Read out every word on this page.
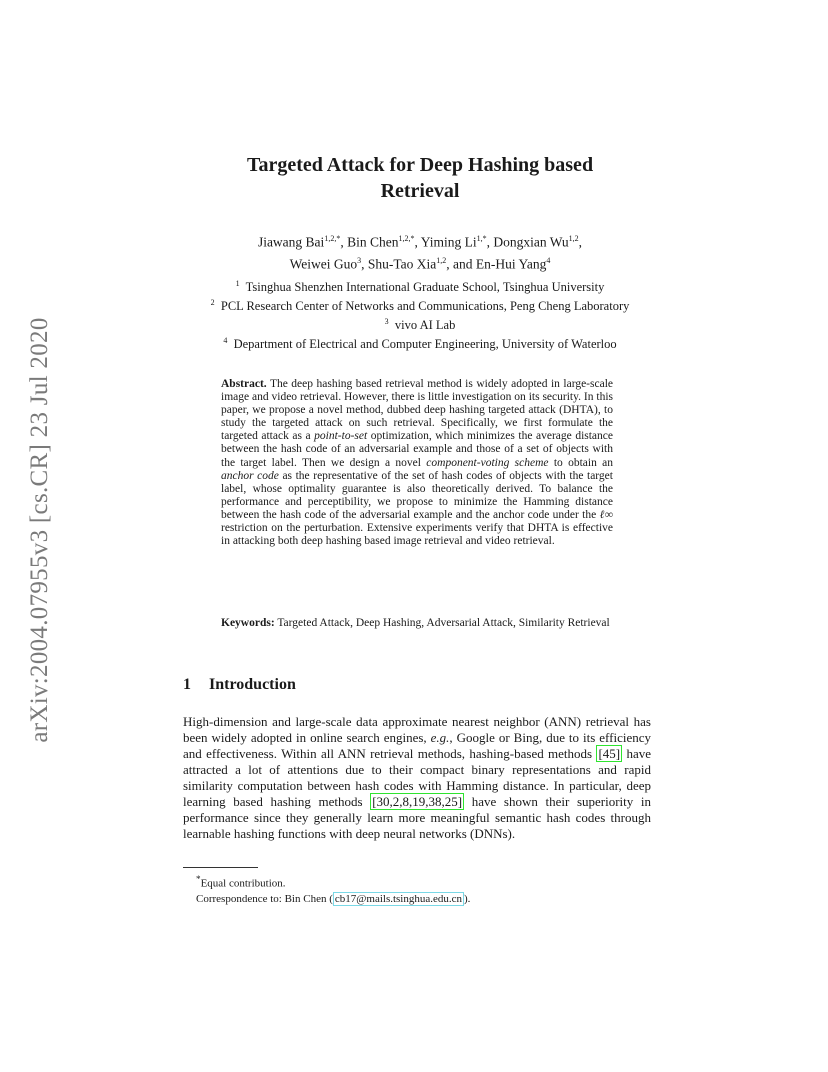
arXiv:2004.07955v3 [cs.CR] 23 Jul 2020
Targeted Attack for Deep Hashing based
Retrieval
Jiawang Bai$^{1,2,*}$, Bin Chen$^{1,2,*}$, Yiming $Li^{1,*}$, Dongxian Wu$^{1,2}$,
Weiwei Guo$^3$, Shu-Tao Xia$^{1,2}$, and En-Hui Yang$^4$
$^1$ Tsinghua Shenzhen International Graduate School, Tsinghua University
$^2$ PCL Research Center of Networks and Communications, Peng Cheng Laboratory
$^3$ vivo AI Lab
$^4$ Department of Electrical and Computer Engineering, University of Waterloo
Abstract. The deep hashing based retrieval method is widely adopted in large-scale image and video retrieval. However, there is little investigation on its security. In this paper, we propose a novel method, dubbed deep hashing targeted attack (DHTA), to study the targeted attack on such retrieval. Specifically, we first formulate the targeted attack as a point-to-set optimization, which minimizes the average distance between the hash code of an adversarial example and those of a set of objects with the target label. Then we design a novel component-voting scheme to obtain an anchor code as the representative of the set of hash codes of objects with the target label, whose optimality guarantee is also theoretically derived. To balance the performance and perceptibility, we propose to minimize the Hamming distance between the hash code of the adversarial example and the anchor code under the ℓ∞ restriction on the perturbation. Extensive experiments verify that DHTA is effective in attacking both deep hashing based image retrieval and video retrieval.
Keywords: Targeted Attack, Deep Hashing, Adversarial Attack, Similarity Retrieval
1 Introduction
High-dimension and large-scale data approximate nearest neighbor (ANN) retrieval has been widely adopted in online search engines, e.g., Google or Bing, due to its efficiency and effectiveness. Within all ANN retrieval methods, hashing-based methods [45] have attracted a lot of attentions due to their compact binary representations and rapid similarity computation between hash codes with Hamming distance. In particular, deep learning based hashing methods [30,2,8,19,38,25] have shown their superiority in performance since they generally learn more meaningful semantic hash codes through learnable hashing functions with deep neural networks (DNNs).
*Equal contribution.
Correspondence to: Bin Chen ( cb17@mails.tsinghua.edu.cn ).
